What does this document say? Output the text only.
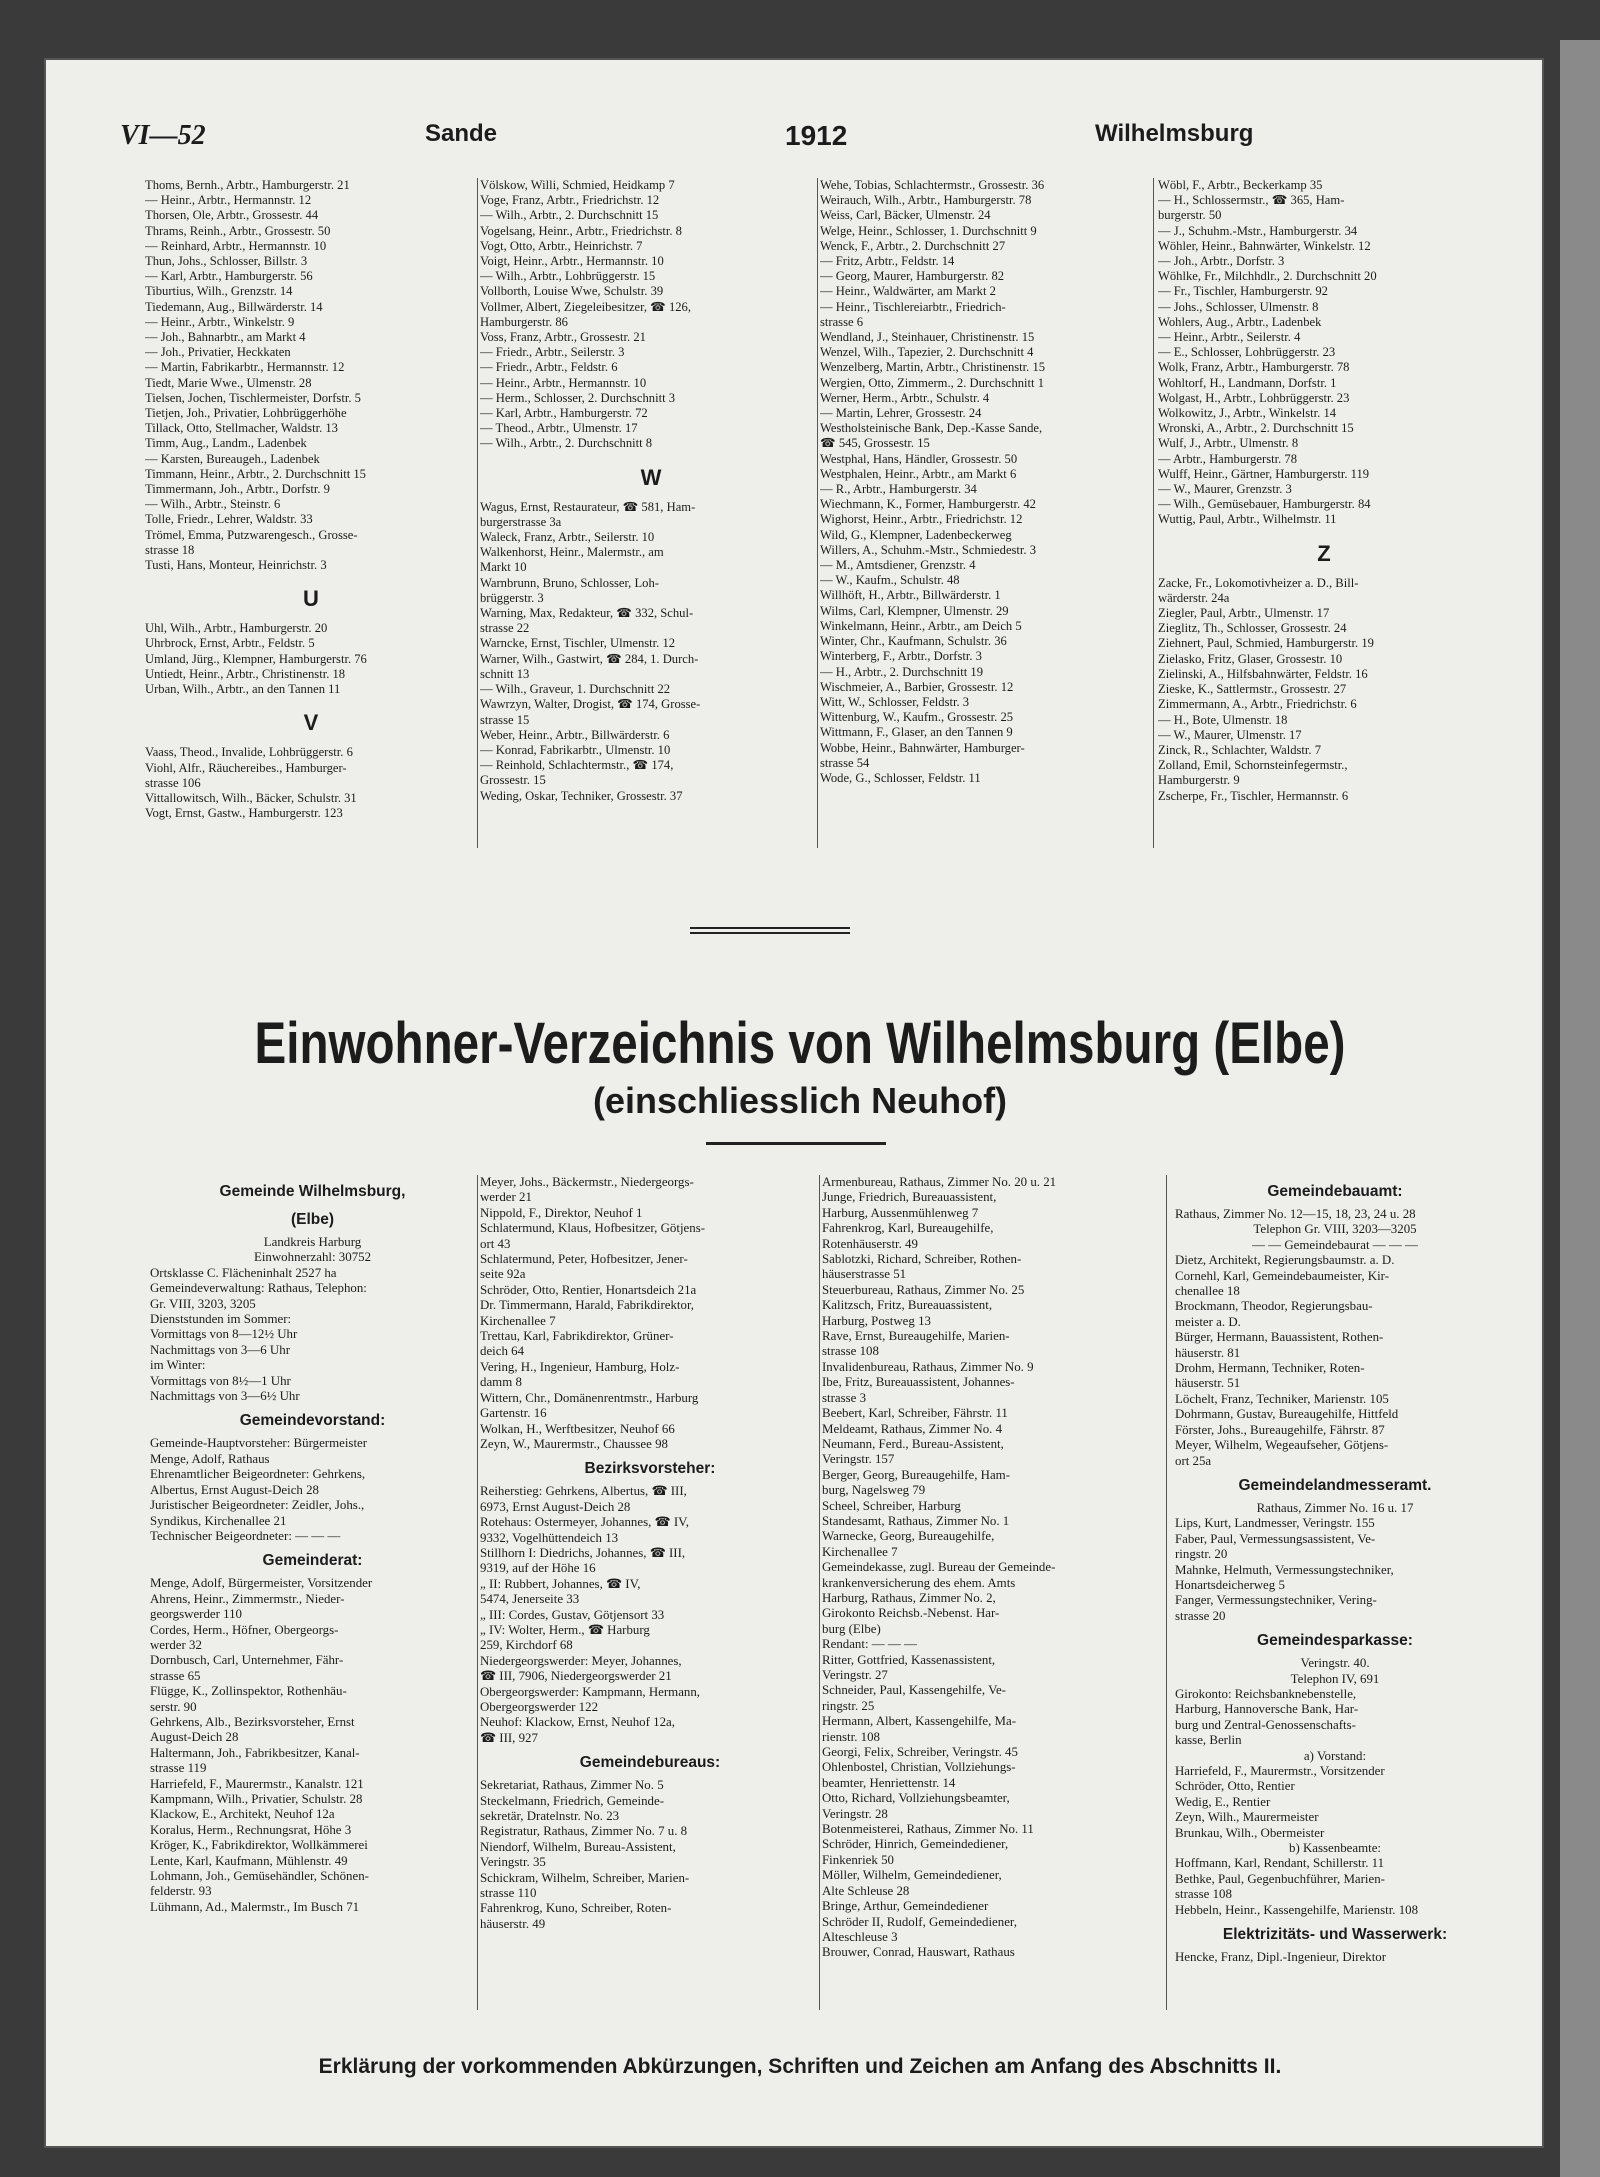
VI—52	Sande	1912	Wilhelmsburg
Thoms, Bernh., Arbtr., Hamburgerstr. 21
— Heinr., Arbtr., Hermannstr. 12
Thorsen, Ole, Arbtr., Grossestr. 44
Thrams, Reinh., Arbtr., Grossestr. 50
— Reinhard, Arbtr., Hermannstr. 10
Thun, Johs., Schlosser, Billstr. 3
— Karl, Arbtr., Hamburgerstr. 56
Tiburtius, Wilh., Grenzstr. 14
Tiedemann, Aug., Billwärderstr. 14
— Heinr., Arbtr., Winkelstr. 9
— Joh., Bahnarbtr., am Markt 4
— Joh., Privatier, Heckkaten
— Martin, Fabrikarbtr., Hermannstr. 12
Tiedt, Marie Wwe., Ulmenstr. 28
Tielsen, Jochen, Tischlermeister, Dorfstr. 5
Tietjen, Joh., Privatier, Lohbrüggerhöhe
Tillack, Otto, Stellmacher, Waldstr. 13
Timm, Aug., Landm., Ladenbek
— Karsten, Bureaugeh., Ladenbek
Timmann, Heinr., Arbtr., 2. Durchschnitt 15
Timmermann, Joh., Arbtr., Dorfstr. 9
— Wilh., Arbtr., Steinstr. 6
Tolle, Friedr., Lehrer, Waldstr. 33
Trömel, Emma, Putzwarengesch., Grosse-
strasse 18
Tusti, Hans, Monteur, Heinrichstr. 3
U
Uhl, Wilh., Arbtr., Hamburgerstr. 20
Uhrbrock, Ernst, Arbtr., Feldstr. 5
Umland, Jürg., Klempner, Hamburgerstr. 76
Untiedt, Heinr., Arbtr., Christinenstr. 18
Urban, Wilh., Arbtr., an den Tannen 11
V
Vaass, Theod., Invalide, Lohbrüggerstr. 6
Viohl, Alfr., Räuchereibes., Hamburger-
strasse 106
Vittallowitsch, Wilh., Bäcker, Schulstr. 31
Vogt, Ernst, Gastw., Hamburgerstr. 123
Völskow, Willi, Schmied, Heidkamp 7
Voge, Franz, Arbtr., Friedrichstr. 12
— Wilh., Arbtr., 2. Durchschnitt 15
Vogelsang, Heinr., Arbtr., Friedrichstr. 8
Vogt, Otto, Arbtr., Heinrichstr. 7
Voigt, Heinr., Arbtr., Hermannstr. 10
— Wilh., Arbtr., Lohbrüggerstr. 15
Vollborth, Louise Wwe, Schulstr. 39
Vollmer, Albert, Ziegeleibesitzer, ☎ 126,
Hamburgerstr. 86
Voss, Franz, Arbtr., Grossestr. 21
— Friedr., Arbtr., Seilerstr. 3
— Friedr., Arbtr., Feldstr. 6
— Heinr., Arbtr., Hermannstr. 10
— Herm., Schlosser, 2. Durchschnitt 3
— Karl, Arbtr., Hamburgerstr. 72
— Theod., Arbtr., Ulmenstr. 17
— Wilh., Arbtr., 2. Durchschnitt 8
W
Wagus, Ernst, Restaurateur, ☎ 581, Ham-
burgerstrasse 3a
Waleck, Franz, Arbtr., Seilerstr. 10
Walkenhorst, Heinr., Malermstr., am
Markt 10
Warnbrunn, Bruno, Schlosser, Loh-
brüggerstr. 3
Warning, Max, Redakteur, ☎ 332, Schul-
strasse 22
Warncke, Ernst, Tischler, Ulmenstr. 12
Warner, Wilh., Gastwirt, ☎ 284, 1. Durch-
schnitt 13
— Wilh., Graveur, 1. Durchschnitt 22
Wawrzyn, Walter, Drogist, ☎ 174, Grosse-
strasse 15
Weber, Heinr., Arbtr., Billwärderstr. 6
— Konrad, Fabrikarbtr., Ulmenstr. 10
— Reinhold, Schlachtermstr., ☎ 174,
Grossestr. 15
Weding, Oskar, Techniker, Grossestr. 37
Wehe, Tobias, Schlachtermstr., Grossestr. 36
Weirauch, Wilh., Arbtr., Hamburgerstr. 78
Weiss, Carl, Bäcker, Ulmenstr. 24
Welge, Heinr., Schlosser, 1. Durchschnitt 9
Wenck, F., Arbtr., 2. Durchschnitt 27
— Fritz, Arbtr., Feldstr. 14
— Georg, Maurer, Hamburgerstr. 82
— Heinr., Waldwärter, am Markt 2
— Heinr., Tischlereiarbtr., Friedrich-
strasse 6
Wendland, J., Steinhauer, Christinenstr. 15
Wenzel, Wilh., Tapezier, 2. Durchschnitt 4
Wenzelberg, Martin, Arbtr., Christinenstr. 15
Wergien, Otto, Zimmerm., 2. Durchschnitt 1
Werner, Herm., Arbtr., Schulstr. 4
— Martin, Lehrer, Grossestr. 24
Westholsteinische Bank, Dep.-Kasse Sande,
☎ 545, Grossestr. 15
Westphal, Hans, Händler, Grossestr. 50
Westphalen, Heinr., Arbtr., am Markt 6
— R., Arbtr., Hamburgerstr. 34
Wiechmann, K., Former, Hamburgerstr. 42
Wighorst, Heinr., Arbtr., Friedrichstr. 12
Wild, G., Klempner, Ladenbeckerweg
Willers, A., Schuhm.-Mstr., Schmiedestr. 3
— M., Amtsdiener, Grenzstr. 4
— W., Kaufm., Schulstr. 48
Willhöft, H., Arbtr., Billwärderstr. 1
Wilms, Carl, Klempner, Ulmenstr. 29
Winkelmann, Heinr., Arbtr., am Deich 5
Winter, Chr., Kaufmann, Schulstr. 36
Winterberg, F., Arbtr., Dorfstr. 3
— H., Arbtr., 2. Durchschnitt 19
Wischmeier, A., Barbier, Grossestr. 12
Witt, W., Schlosser, Feldstr. 3
Wittenburg, W., Kaufm., Grossestr. 25
Wittmann, F., Glaser, an den Tannen 9
Wobbe, Heinr., Bahnwärter, Hamburger-
strasse 54
Wode, G., Schlosser, Feldstr. 11
Wöbl, F., Arbtr., Beckerkamp 35
— H., Schlossermstr., ☎ 365, Ham-
burgerstr. 50
— J., Schuhm.-Mstr., Hamburgerstr. 34
Wöhler, Heinr., Bahnwärter, Winkelstr. 12
— Joh., Arbtr., Dorfstr. 3
Wöhlke, Fr., Milchhdlr., 2. Durchschnitt 20
— Fr., Tischler, Hamburgerstr. 92
— Johs., Schlosser, Ulmenstr. 8
Wohlers, Aug., Arbtr., Ladenbek
— Heinr., Arbtr., Seilerstr. 4
— E., Schlosser, Lohbrüggerstr. 23
Wolk, Franz, Arbtr., Hamburgerstr. 78
Wohltorf, H., Landmann, Dorfstr. 1
Wolgast, H., Arbtr., Lohbrüggerstr. 23
Wolkowitz, J., Arbtr., Winkelstr. 14
Wronski, A., Arbtr., 2. Durchschnitt 15
Wulf, J., Arbtr., Ulmenstr. 8
— Arbtr., Hamburgerstr. 78
Wulff, Heinr., Gärtner, Hamburgerstr. 119
— W., Maurer, Grenzstr. 3
— Wilh., Gemüsebauer, Hamburgerstr. 84
Wuttig, Paul, Arbtr., Wilhelmstr. 11
Z
Zacke, Fr., Lokomotivheizer a. D., Bill-
wärderstr. 24a
Ziegler, Paul, Arbtr., Ulmenstr. 17
Zieglitz, Th., Schlosser, Grossestr. 24
Ziehnert, Paul, Schmied, Hamburgerstr. 19
Zielasko, Fritz, Glaser, Grossestr. 10
Zielinski, A., Hilfsbahnwärter, Feldstr. 16
Zieske, K., Sattlermstr., Grossestr. 27
Zimmermann, A., Arbtr., Friedrichstr. 6
— H., Bote, Ulmenstr. 18
— W., Maurer, Ulmenstr. 17
Zinck, R., Schlachter, Waldstr. 7
Zolland, Emil, Schornsteinfegermstr.,
Hamburgerstr. 9
Zscherpe, Fr., Tischler, Hermannstr. 6
Einwohner-Verzeichnis von Wilhelmsburg (Elbe)
(einschliesslich Neuhof)
Gemeinde Wilhelmsburg,
(Elbe)
Landkreis Harburg
Einwohnerzahl: 30752
Ortsklasse C. Flächeninhalt 2527 ha
Gemeindeverwaltung: Rathaus, Telephon:
Gr. VIII, 3203, 3205
Dienststunden im Sommer:
Vormittags von 8—12½ Uhr
Nachmittags von 3—6 Uhr
im Winter:
Vormittags von 8½—1 Uhr
Nachmittags von 3—6½ Uhr
Gemeindevorstand:
Gemeinde-Hauptvorsteher: Bürgermeister
Menge, Adolf, Rathaus
Ehrenamtlicher Beigeordneter: Gehrkens,
Albertus, Ernst August-Deich 28
Juristischer Beigeordneter: Zeidler, Johs.,
Syndikus, Kirchenallee 21
Technischer Beigeordneter: — — —
Gemeinderat:
Menge, Adolf, Bürgermeister, Vorsitzender
Ahrens, Heinr., Zimmermstr., Nieder-
georgswerder 110
Cordes, Herm., Höfner, Obergeorgs-
werder 32
Dornbusch, Carl, Unternehmer, Fähr-
strasse 65
Flügge, K., Zollinspektor, Rothenhäu-
serstr. 90
Gehrkens, Alb., Bezirksvorsteher, Ernst
August-Deich 28
Haltermann, Joh., Fabrikbesitzer, Kanal-
strasse 119
Harriefeld, F., Maurermstr., Kanalstr. 121
Kampmann, Wilh., Privatier, Schulstr. 28
Klackow, E., Architekt, Neuhof 12a
Koralus, Herm., Rechnungsrat, Höhe 3
Kröger, K., Fabrikdirektor, Wollkämmerei
Lente, Karl, Kaufmann, Mühlenstr. 49
Lohmann, Joh., Gemüsehändler, Schönen-
felderstr. 93
Lühmann, Ad., Malermstr., Im Busch 71
Meyer, Johs., Bäckermstr., Niedergeorgs-
werder 21
Nippold, F., Direktor, Neuhof 1
Schlatermund, Klaus, Hofbesitzer, Götjens-
ort 43
Schlatermund, Peter, Hofbesitzer, Jener-
seite 92a
Schröder, Otto, Rentier, Honartsdeich 21a
Dr. Timmermann, Harald, Fabrikdirektor,
Kirchenallee 7
Trettau, Karl, Fabrikdirektor, Grüner-
deich 64
Vering, H., Ingenieur, Hamburg, Holz-
damm 8
Wittern, Chr., Domänenrentmstr., Harburg
Gartenstr. 16
Wolkan, H., Werftbesitzer, Neuhof 66
Zeyn, W., Maurermstr., Chaussee 98
Bezirksvorsteher:
Reiherstieg: Gehrkens, Albertus, ☎ III,
6973, Ernst August-Deich 28
Rotehaus: Ostermeyer, Johannes, ☎ IV,
9332, Vogelhüttendeich 13
Stillhorn I: Diedrichs, Johannes, ☎ III,
9319, auf der Höhe 16
„ II: Rubbert, Johannes, ☎ IV,
5474, Jenerseite 33
„ III: Cordes, Gustav, Götjensort 33
„ IV: Wolter, Herm., ☎ Harburg
259, Kirchdorf 68
Niedergeorgswerder: Meyer, Johannes,
☎ III, 7906, Niedergeorgswerder 21
Obergeorgswerder: Kampmann, Hermann,
Obergeorgswerder 122
Neuhof: Klackow, Ernst, Neuhof 12a,
☎ III, 927
Gemeindebureaus:
Sekretariat, Rathaus, Zimmer No. 5
Steckelmann, Friedrich, Gemeinde-
sekretär, Dratelnstr. No. 23
Registratur, Rathaus, Zimmer No. 7 u. 8
Niendorf, Wilhelm, Bureau-Assistent,
Veringstr. 35
Schickram, Wilhelm, Schreiber, Marien-
strasse 110
Fahrenkrog, Kuno, Schreiber, Roten-
häuserstr. 49
Armenbureau, Rathaus, Zimmer No. 20 u. 21
Junge, Friedrich, Bureauassistent,
Harburg, Aussenmühlenweg 7
Fahrenkrog, Karl, Bureaugehilfe,
Rotenhäuserstr. 49
Sablotzki, Richard, Schreiber, Rothen-
häuserstrasse 51
Steuerbureau, Rathaus, Zimmer No. 25
Kalitzsch, Fritz, Bureauassistent,
Harburg, Postweg 13
Rave, Ernst, Bureaugehilfe, Marien-
strasse 108
Invalidenbureau, Rathaus, Zimmer No. 9
Ibe, Fritz, Bureauassistent, Johannes-
strasse 3
Beebert, Karl, Schreiber, Fährstr. 11
Meldeamt, Rathaus, Zimmer No. 4
Neumann, Ferd., Bureau-Assistent,
Veringstr. 157
Berger, Georg, Bureaugehilfe, Ham-
burg, Nagelsweg 79
Scheel, Schreiber, Harburg
Standesamt, Rathaus, Zimmer No. 1
Warnecke, Georg, Bureaugehilfe,
Kirchenallee 7
Gemeindekasse, zugl. Bureau der Gemeinde-
krankenversicherung des ehem. Amts
Harburg, Rathaus, Zimmer No. 2,
Girokonto Reichsb.-Nebenst. Har-
burg (Elbe)
Rendant: — — —
Ritter, Gottfried, Kassenassistent,
Veringstr. 27
Schneider, Paul, Kassengehilfe, Ve-
ringstr. 25
Hermann, Albert, Kassengehilfe, Ma-
rienstr. 108
Georgi, Felix, Schreiber, Veringstr. 45
Ohlenbostel, Christian, Vollziehungs-
beamter, Henriettenstr. 14
Otto, Richard, Vollziehungsbeamter,
Veringstr. 28
Botenmeisterei, Rathaus, Zimmer No. 11
Schröder, Hinrich, Gemeindediener,
Finkenriek 50
Möller, Wilhelm, Gemeindediener,
Alte Schleuse 28
Bringe, Arthur, Gemeindediener
Schröder II, Rudolf, Gemeindediener,
Alteschleuse 3
Brouwer, Conrad, Hauswart, Rathaus
Gemeindebauamt:
Rathaus, Zimmer No. 12—15, 18, 23, 24 u. 28
Telephon Gr. VIII, 3203—3205
— — Gemeindebaurat — — —
Dietz, Architekt, Regierungsbaumstr. a. D.
Cornehl, Karl, Gemeindebaumeister, Kir-
chenallee 18
Brockmann, Theodor, Regierungsbau-
meister a. D.
Bürger, Hermann, Bauassistent, Rothen-
häuserstr. 81
Drohm, Hermann, Techniker, Roten-
häuserstr. 51
Löchelt, Franz, Techniker, Marienstr. 105
Dohrmann, Gustav, Bureaugehilfe, Hittfeld
Förster, Johs., Bureaugehilfe, Fährstr. 87
Meyer, Wilhelm, Wegeaufseher, Götjens-
ort 25a
Gemeindelandmesseramt.
Rathaus, Zimmer No. 16 u. 17
Lips, Kurt, Landmesser, Veringstr. 155
Faber, Paul, Vermessungsassistent, Ve-
ringstr. 20
Mahnke, Helmuth, Vermessungstechniker,
Honartsdeicherweg 5
Fanger, Vermessungstechniker, Vering-
strasse 20
Gemeindesparkasse:
Veringstr. 40.
Telephon IV, 691
Girokonto: Reichsbanknebenstelle,
Harburg, Hannoversche Bank, Har-
burg und Zentral-Genossenschafts-
kasse, Berlin
a) Vorstand:
Harriefeld, F., Maurermstr., Vorsitzender
Schröder, Otto, Rentier
Wedig, E., Rentier
Zeyn, Wilh., Maurermeister
Brunkau, Wilh., Obermeister
b) Kassenbeamte:
Hoffmann, Karl, Rendant, Schillerstr. 11
Bethke, Paul, Gegenbuchführer, Marien-
strasse 108
Hebbeln, Heinr., Kassengehilfe, Marienstr. 108
Elektrizitäts- und Wasserwerk:
Hencke, Franz, Dipl.-Ingenieur, Direktor
Erklärung der vorkommenden Abkürzungen, Schriften und Zeichen am Anfang des Abschnitts II.
